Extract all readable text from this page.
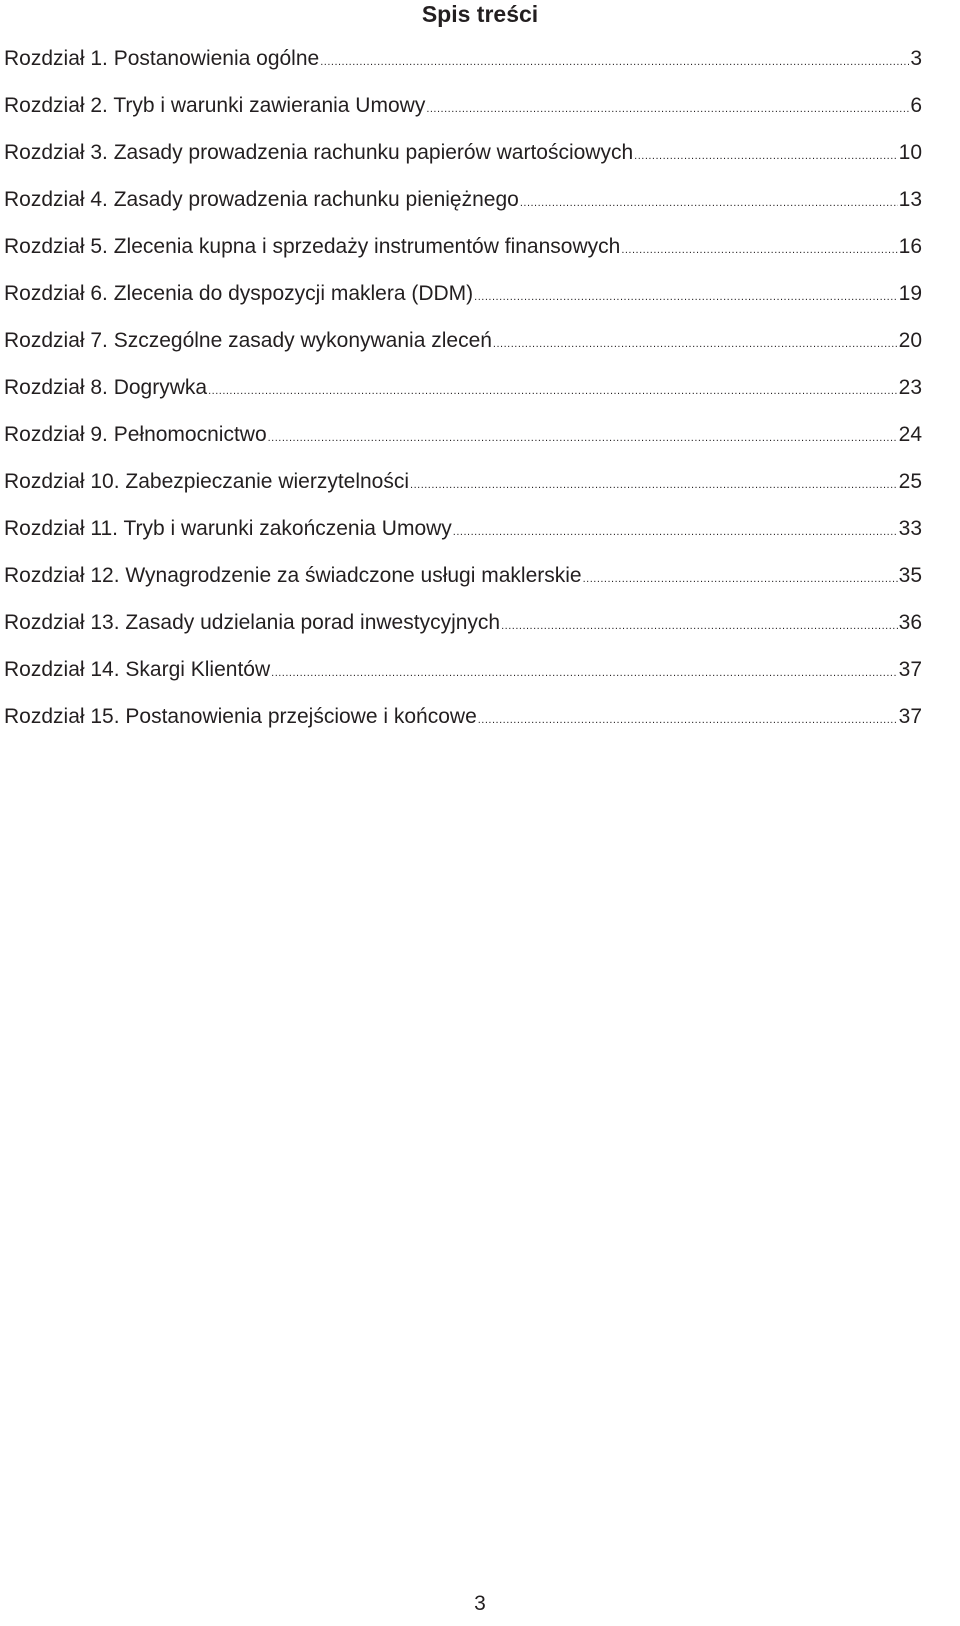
Spis treści
Rozdział 1. Postanowienia ogólne .....	3
Rozdział 2. Tryb i warunki zawierania Umowy .....	6
Rozdział 3. Zasady prowadzenia rachunku papierów wartościowych .....	10
Rozdział 4. Zasady prowadzenia rachunku pieniężnego .....	13
Rozdział 5. Zlecenia kupna i sprzedaży instrumentów finansowych .....	16
Rozdział 6. Zlecenia do dyspozycji maklera (DDM) .....	19
Rozdział 7. Szczególne zasady wykonywania zleceń .....	20
Rozdział 8. Dogrywka .....	23
Rozdział 9. Pełnomocnictwo .....	24
Rozdział 10. Zabezpieczanie wierzytelności .....	25
Rozdział 11. Tryb i warunki zakończenia Umowy .....	33
Rozdział 12. Wynagrodzenie za świadczone usługi maklerskie .....	35
Rozdział 13. Zasady udzielania porad inwestycyjnych .....	36
Rozdział 14. Skargi Klientów .....	37
Rozdział 15. Postanowienia przejściowe i końcowe .....	37
3
